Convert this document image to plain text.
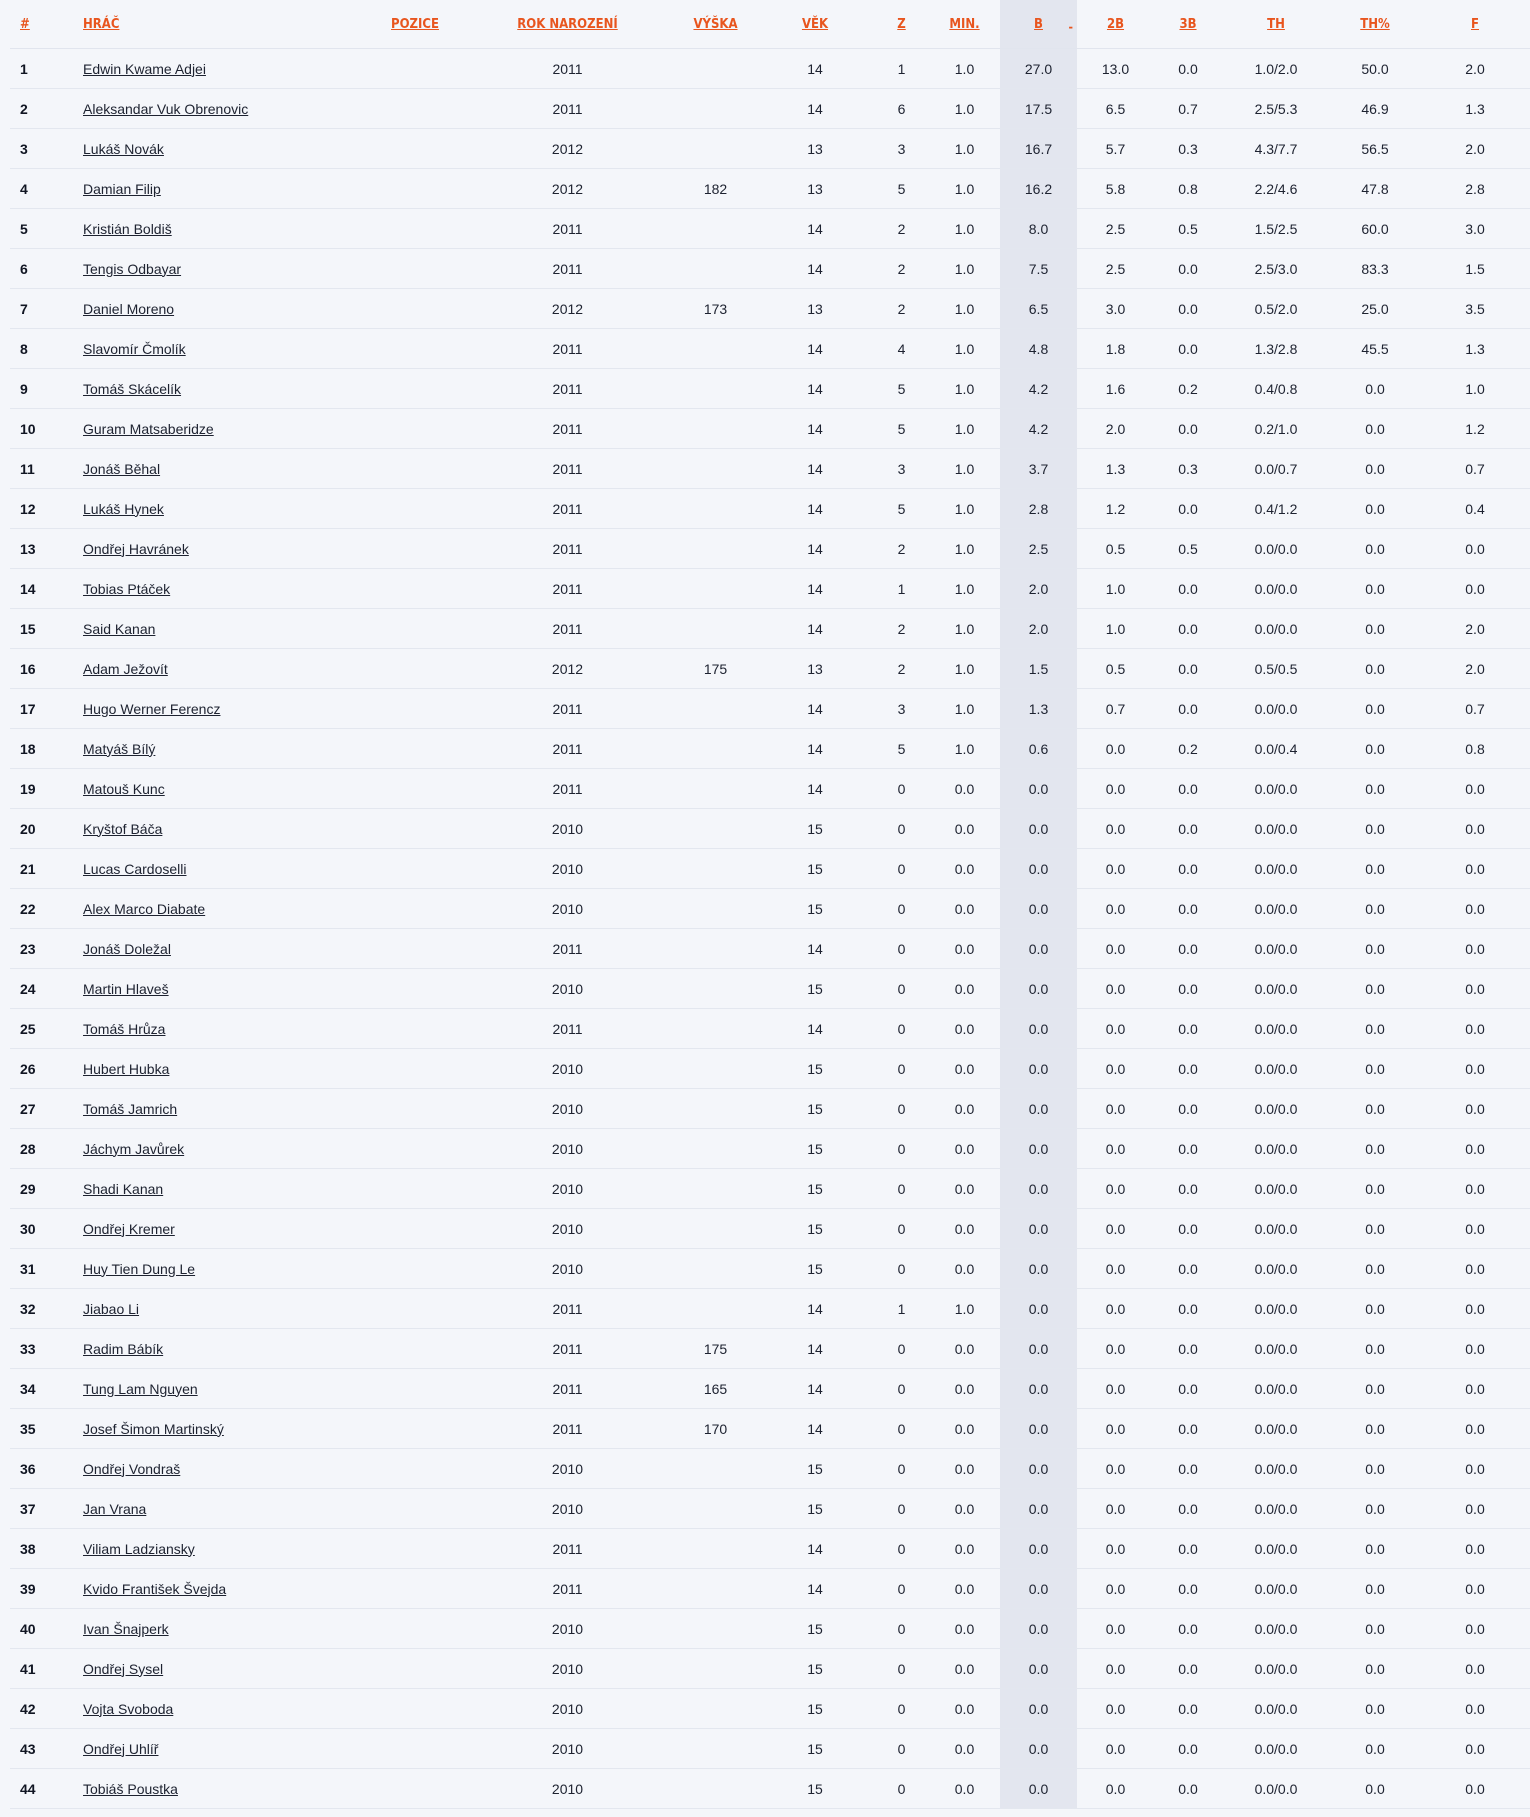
#	HRÁČ	POZICE	ROK NAROZENÍ	VÝŠKA	VĚK	Z	MIN.	B -	2B	3B	TH	TH%	F
1	Edwin Kwame Adjei		2011		14	1	1.0	27.0	13.0	0.0	1.0/2.0	50.0	2.0
2	Aleksandar Vuk Obrenovic		2011		14	6	1.0	17.5	6.5	0.7	2.5/5.3	46.9	1.3
3	Lukáš Novák		2012		13	3	1.0	16.7	5.7	0.3	4.3/7.7	56.5	2.0
4	Damian Filip		2012	182	13	5	1.0	16.2	5.8	0.8	2.2/4.6	47.8	2.8
5	Kristián Boldiš		2011		14	2	1.0	8.0	2.5	0.5	1.5/2.5	60.0	3.0
6	Tengis Odbayar		2011		14	2	1.0	7.5	2.5	0.0	2.5/3.0	83.3	1.5
7	Daniel Moreno		2012	173	13	2	1.0	6.5	3.0	0.0	0.5/2.0	25.0	3.5
8	Slavomír Čmolík		2011		14	4	1.0	4.8	1.8	0.0	1.3/2.8	45.5	1.3
9	Tomáš Skácelík		2011		14	5	1.0	4.2	1.6	0.2	0.4/0.8	0.0	1.0
10	Guram Matsaberidze		2011		14	5	1.0	4.2	2.0	0.0	0.2/1.0	0.0	1.2
11	Jonáš Běhal		2011		14	3	1.0	3.7	1.3	0.3	0.0/0.7	0.0	0.7
12	Lukáš Hynek		2011		14	5	1.0	2.8	1.2	0.0	0.4/1.2	0.0	0.4
13	Ondřej Havránek		2011		14	2	1.0	2.5	0.5	0.5	0.0/0.0	0.0	0.0
14	Tobias Ptáček		2011		14	1	1.0	2.0	1.0	0.0	0.0/0.0	0.0	0.0
15	Said Kanan		2011		14	2	1.0	2.0	1.0	0.0	0.0/0.0	0.0	2.0
16	Adam Ježovít		2012	175	13	2	1.0	1.5	0.5	0.0	0.5/0.5	0.0	2.0
17	Hugo Werner Ferencz		2011		14	3	1.0	1.3	0.7	0.0	0.0/0.0	0.0	0.7
18	Matyáš Bílý		2011		14	5	1.0	0.6	0.0	0.2	0.0/0.4	0.0	0.8
19	Matouš Kunc		2011		14	0	0.0	0.0	0.0	0.0	0.0/0.0	0.0	0.0
20	Kryštof Báča		2010		15	0	0.0	0.0	0.0	0.0	0.0/0.0	0.0	0.0
21	Lucas Cardoselli		2010		15	0	0.0	0.0	0.0	0.0	0.0/0.0	0.0	0.0
22	Alex Marco Diabate		2010		15	0	0.0	0.0	0.0	0.0	0.0/0.0	0.0	0.0
23	Jonáš Doležal		2011		14	0	0.0	0.0	0.0	0.0	0.0/0.0	0.0	0.0
24	Martin Hlaveš		2010		15	0	0.0	0.0	0.0	0.0	0.0/0.0	0.0	0.0
25	Tomáš Hrůza		2011		14	0	0.0	0.0	0.0	0.0	0.0/0.0	0.0	0.0
26	Hubert Hubka		2010		15	0	0.0	0.0	0.0	0.0	0.0/0.0	0.0	0.0
27	Tomáš Jamrich		2010		15	0	0.0	0.0	0.0	0.0	0.0/0.0	0.0	0.0
28	Jáchym Javůrek		2010		15	0	0.0	0.0	0.0	0.0	0.0/0.0	0.0	0.0
29	Shadi Kanan		2010		15	0	0.0	0.0	0.0	0.0	0.0/0.0	0.0	0.0
30	Ondřej Kremer		2010		15	0	0.0	0.0	0.0	0.0	0.0/0.0	0.0	0.0
31	Huy Tien Dung Le		2010		15	0	0.0	0.0	0.0	0.0	0.0/0.0	0.0	0.0
32	Jiabao Li		2011		14	1	1.0	0.0	0.0	0.0	0.0/0.0	0.0	0.0
33	Radim Bábík		2011	175	14	0	0.0	0.0	0.0	0.0	0.0/0.0	0.0	0.0
34	Tung Lam Nguyen		2011	165	14	0	0.0	0.0	0.0	0.0	0.0/0.0	0.0	0.0
35	Josef Šimon Martinský		2011	170	14	0	0.0	0.0	0.0	0.0	0.0/0.0	0.0	0.0
36	Ondřej Vondraš		2010		15	0	0.0	0.0	0.0	0.0	0.0/0.0	0.0	0.0
37	Jan Vrana		2010		15	0	0.0	0.0	0.0	0.0	0.0/0.0	0.0	0.0
38	Viliam Ladziansky		2011		14	0	0.0	0.0	0.0	0.0	0.0/0.0	0.0	0.0
39	Kvido František Švejda		2011		14	0	0.0	0.0	0.0	0.0	0.0/0.0	0.0	0.0
40	Ivan Šnajperk		2010		15	0	0.0	0.0	0.0	0.0	0.0/0.0	0.0	0.0
41	Ondřej Sysel		2010		15	0	0.0	0.0	0.0	0.0	0.0/0.0	0.0	0.0
42	Vojta Svoboda		2010		15	0	0.0	0.0	0.0	0.0	0.0/0.0	0.0	0.0
43	Ondřej Uhlíř		2010		15	0	0.0	0.0	0.0	0.0	0.0/0.0	0.0	0.0
44	Tobiáš Poustka		2010		15	0	0.0	0.0	0.0	0.0	0.0/0.0	0.0	0.0
